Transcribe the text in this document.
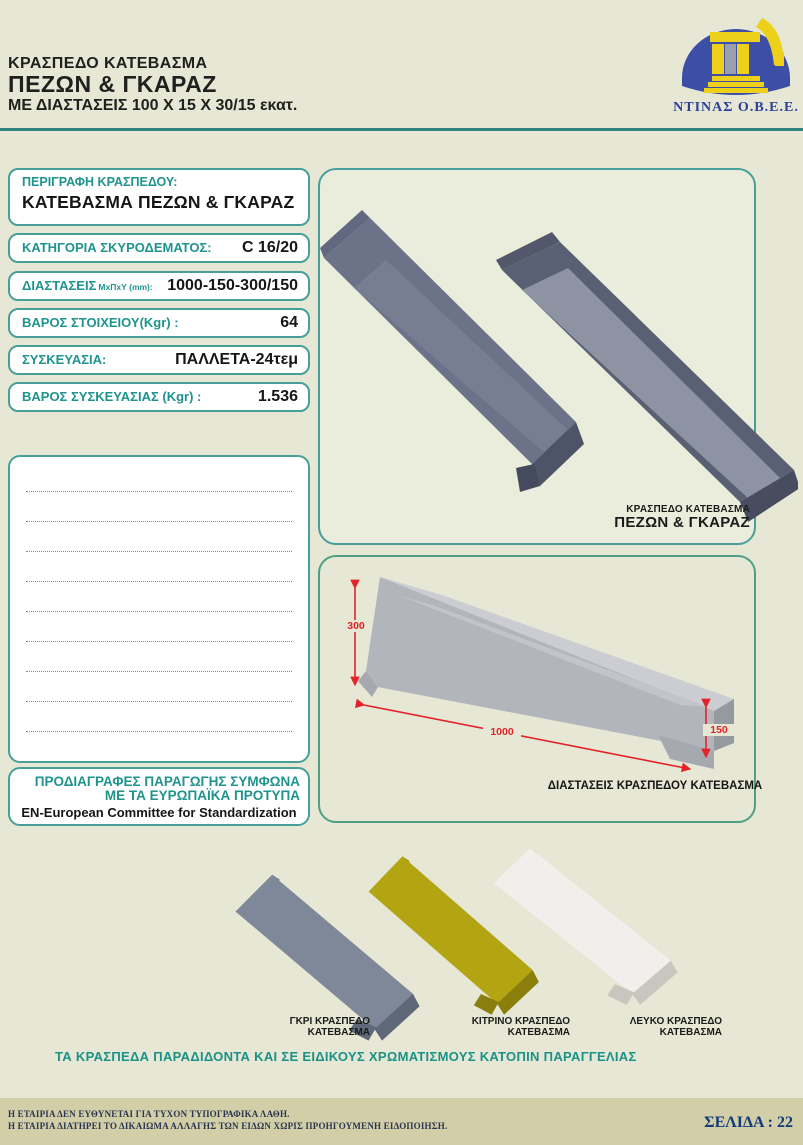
ΚΡΑΣΠΕΔΟ ΚΑΤΕΒΑΣΜΑ
ΠΕΖΩΝ & ΓΚΑΡΑΖ
ΜΕ ΔΙΑΣΤΑΣΕΙΣ 100 X 15 X 30/15 εκατ.	ΝΤΙΝΑΣ Ο.Β.Ε.Ε.
ΠΕΡΙΓΡΑΦΗ ΚΡΑΣΠΕΔΟΥ:
ΚΑΤΕΒΑΣΜΑ ΠΕΖΩΝ & ΓΚΑΡΑΖ
ΚΑΤΗΓΟΡΙΑ ΣΚΥΡΟΔΕΜΑΤΟΣ: C 16/20
ΔΙΑΣΤΑΣΕΙΣ ΜxΠxΥ (mm): 1000-150-300/150
ΒΑΡΟΣ ΣΤΟΙΧΕΙΟΥ(Kgr) :	64
ΣΥΣΚΕΥΑΣΙΑ:	ΠΑΛΛΕΤΑ-24τεμ
ΒΑΡΟΣ ΣΥΣΚΕΥΑΣΙΑΣ (Kgr) :	1.536
ΠΡΟΔΙΑΓΡΑΦΕΣ ΠΑΡΑΓΩΓΗΣ ΣΥΜΦΩΝΑ
ΜΕ ΤΑ ΕΥΡΩΠΑΪΚΑ ΠΡΟΤΥΠΑ
EN-European Committee for Standardization
ΚΡΑΣΠΕΔΟ ΚΑΤΕΒΑΣΜΑ
ΠΕΖΩΝ & ΓΚΑΡΑΖ
300
1000	150
ΔΙΑΣΤΑΣΕΙΣ ΚΡΑΣΠΕΔΟΥ ΚΑΤΕΒΑΣΜΑ
ΓΚΡΙ ΚΡΑΣΠΕΔΟ
ΚΑΤΕΒΑΣΜΑ
ΚΙΤΡΙΝΟ ΚΡΑΣΠΕΔΟ
ΚΑΤΕΒΑΣΜΑ
ΛΕΥΚΟ ΚΡΑΣΠΕΔΟ
ΚΑΤΕΒΑΣΜΑ
ΤΑ ΚΡΑΣΠΕΔΑ ΠΑΡΑΔΙΔΟΝΤΑ ΚΑΙ ΣΕ ΕΙΔΙΚΟΥΣ ΧΡΩΜΑΤΙΣΜΟΥΣ ΚΑΤΟΠΙΝ ΠΑΡΑΓΓΕΛΙΑΣ
Η ΕΤΑΙΡΙΑ ΔΕΝ ΕΥΘΥΝΕΤΑΙ ΓΙΑ ΤΥΧΟΝ ΤΥΠΟΓΡΑΦΙΚΑ ΛΑΘΗ.
Η ΕΤΑΙΡΙΑ ΔΙΑΤΗΡΕΙ ΤΟ ΔΙΚΑΙΩΜΑ ΑΛΛΑΓΗΣ ΤΩΝ ΕΙΔΩΝ ΧΩΡΙΣ ΠΡΟΗΓΟΥΜΕΝΗ ΕΙΔΟΠΟΙΗΣΗ.	ΣΕΛΙΔΑ : 22
